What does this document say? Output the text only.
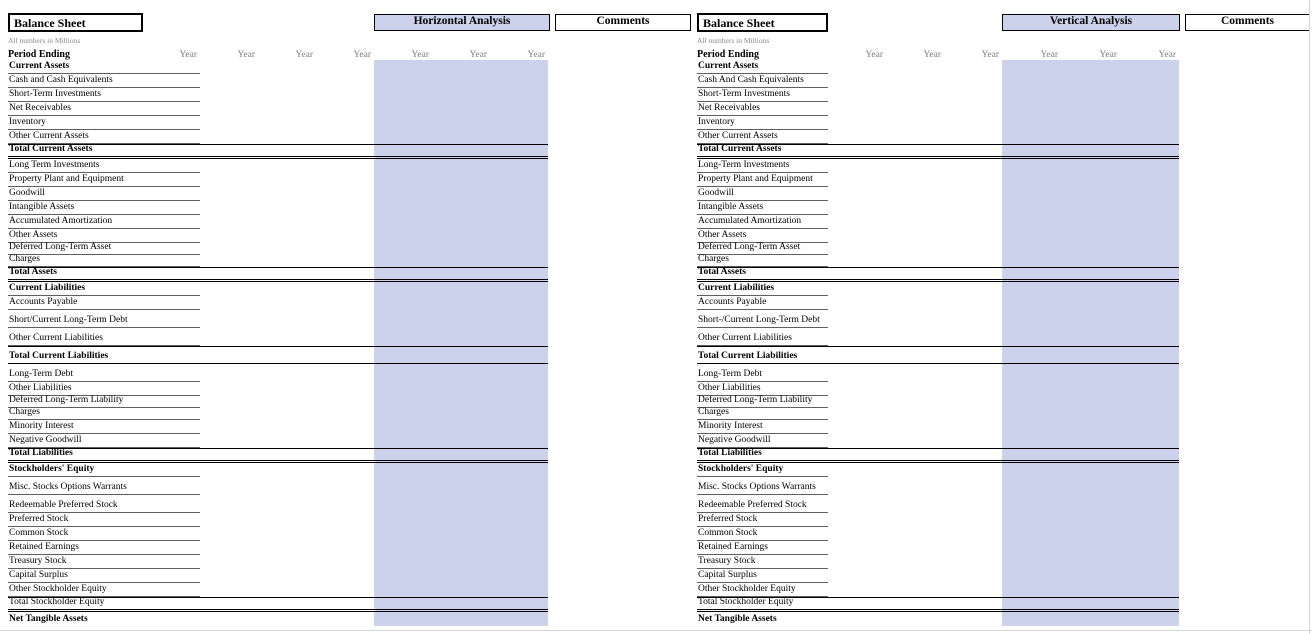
Balance Sheet	Horizontal Analysis	Comments
All numbers in Millions
Period Ending	Year	Year	Year	Year	Year	Year	Year
Current Assets
Cash and Cash Equivalents
Short-Term Investments
Net Receivables
Inventory
Other Current Assets
Total Current Assets
Long Term Investments
Property Plant and Equipment
Goodwill
Intangible Assets
Accumulated Amortization
Other Assets
Deferred Long-Term Asset
Charges
Total Assets
Current Liabilities
Accounts Payable
Short/Current Long-Term Debt
Other Current Liabilities
Total Current Liabilities
Long-Term Debt
Other Liabilities
Deferred Long-Term Liability
Charges
Minority Interest
Negative Goodwill
Total Liabilities
Stockholders' Equity
Misc. Stocks Options Warrants
Redeemable Preferred Stock
Preferred Stock
Common Stock
Retained Earnings
Treasury Stock
Capital Surplus
Other Stockholder Equity
Total Stockholder Equity
Net Tangible Assets
Balance Sheet	Vertical Analysis	Comments
All numbers in Millions
Period Ending	Year	Year	Year	Year	Year	Year
Current Assets
Cash And Cash Equivalents
Short-Term Investments
Net Receivables
Inventory
Other Current Assets
Total Current Assets
Long-Term Investments
Property Plant and Equipment
Goodwill
Intangible Assets
Accumulated Amortization
Other Assets
Deferred Long-Term Asset
Charges
Total Assets
Current Liabilities
Accounts Payable
Short-/Current Long-Term Debt
Other Current Liabilities
Total Current Liabilities
Long-Term Debt
Other Liabilities
Deferred Long-Term Liability
Charges
Minority Interest
Negative Goodwill
Total Liabilities
Stockholders' Equity
Misc. Stocks Options Warrants
Redeemable Preferred Stock
Preferred Stock
Common Stock
Retained Earnings
Treasury Stock
Capital Surplus
Other Stockholder Equity
Total Stockholder Equity
Net Tangible Assets
